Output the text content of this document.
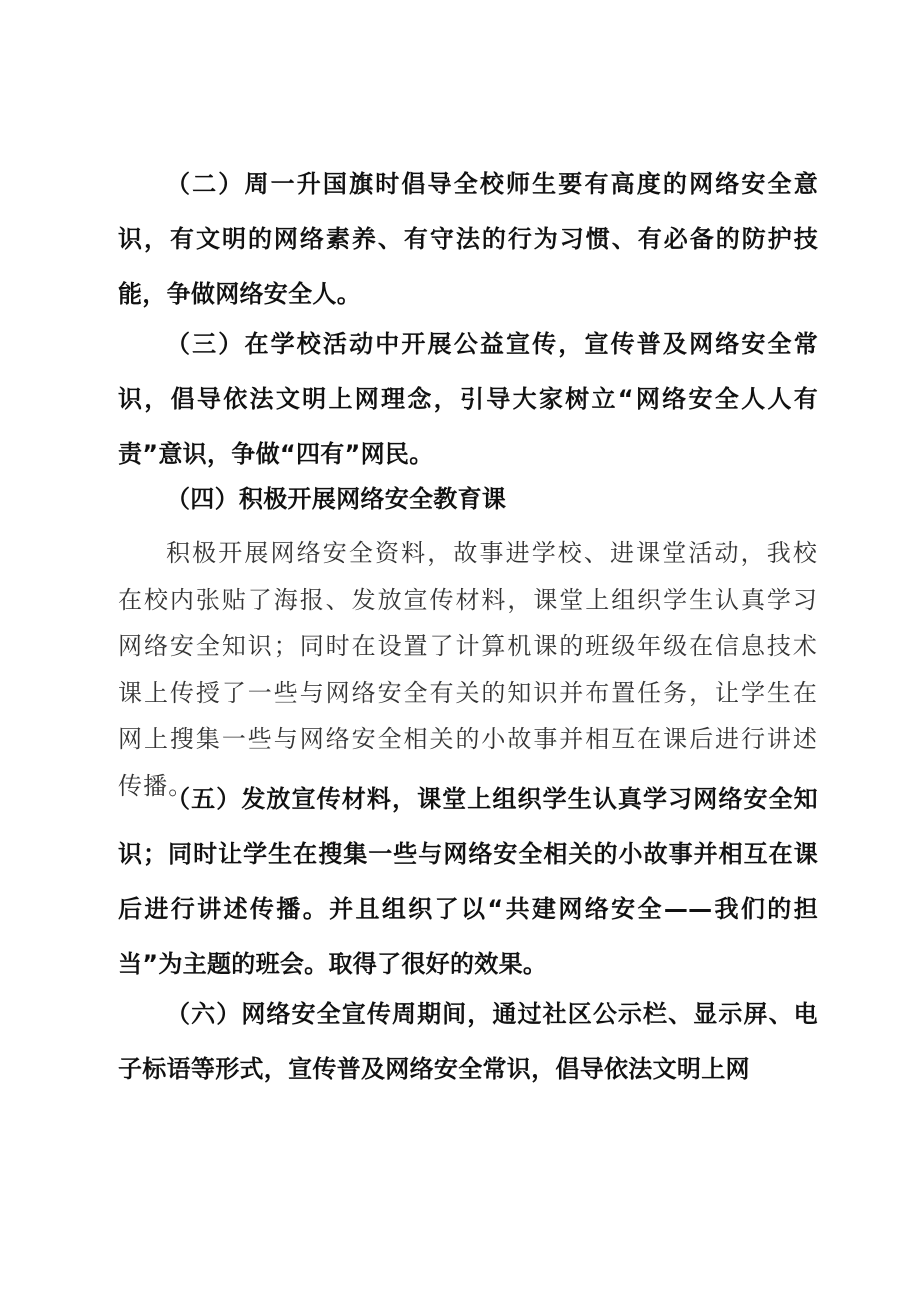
（二）周一升国旗时倡导全校师生要有高度的网络安全意识，有文明的网络素养、有守法的行为习惯、有必备的防护技能，争做网络安全人。

（三）在学校活动中开展公益宣传，宣传普及网络安全常识，倡导依法文明上网理念，引导大家树立“网络安全人人有责”意识，争做“四有”网民。

（四）积极开展网络安全教育课

积极开展网络安全资料，故事进学校、进课堂活动，我校在校内张贴了海报、发放宣传材料，课堂上组织学生认真学习网络安全知识；同时在设置了计算机课的班级年级在信息技术课上传授了一些与网络安全有关的知识并布置任务，让学生在网上搜集一些与网络安全相关的小故事并相互在课后进行讲述传播。

（五）发放宣传材料，课堂上组织学生认真学习网络安全知识；同时让学生在搜集一些与网络安全相关的小故事并相互在课后进行讲述传播。并且组织了以“共建网络安全——我们的担当”为主题的班会。取得了很好的效果。

（六）网络安全宣传周期间，通过社区公示栏、显示屏、电子标语等形式，宣传普及网络安全常识，倡导依法文明上网
